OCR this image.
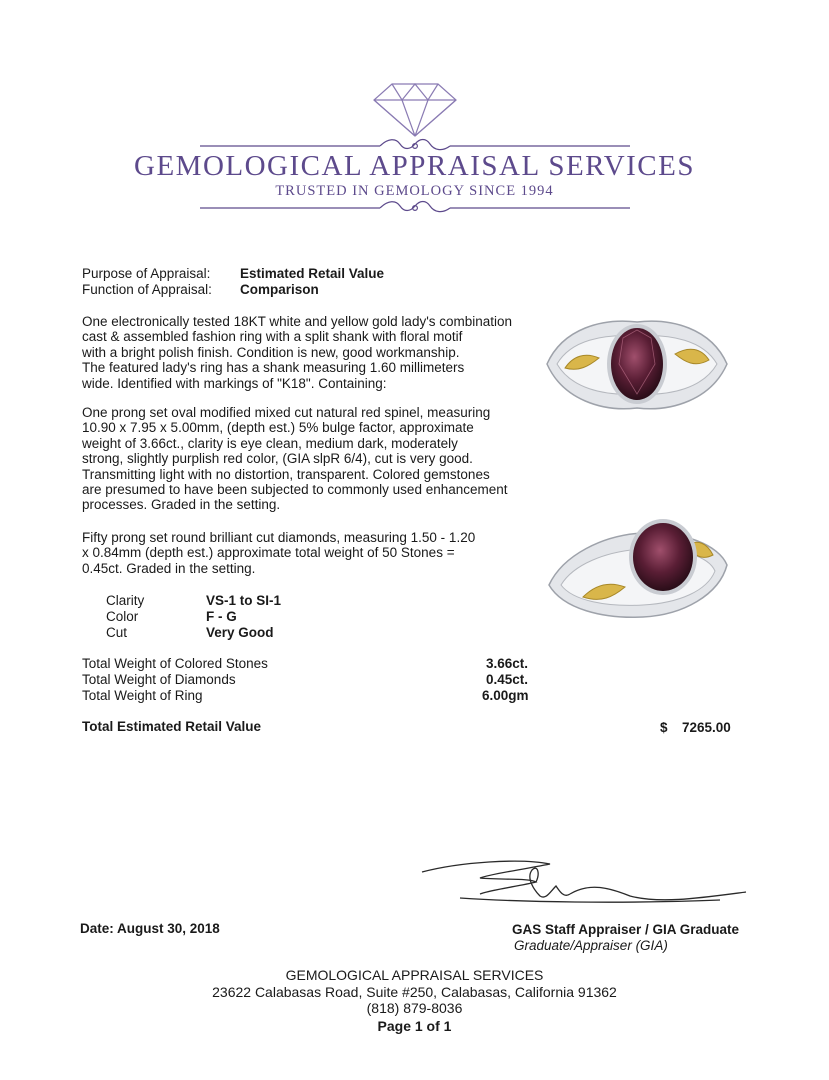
GEMOLOGICAL APPRAISAL SERVICES
TRUSTED IN GEMOLOGY SINCE 1994
Purpose of Appraisal: Estimated Retail Value
Function of Appraisal: Comparison
One electronically tested 18KT white and yellow gold lady's combination
cast & assembled fashion ring with a split shank with floral motif
with a bright polish finish. Condition is new, good workmanship.
The featured lady's ring has a shank measuring 1.60 millimeters
wide. Identified with markings of "K18". Containing:
One prong set oval modified mixed cut natural red spinel, measuring
10.90 x 7.95 x 5.00mm, (depth est.) 5% bulge factor, approximate
weight of 3.66ct., clarity is eye clean, medium dark, moderately
strong, slightly purplish red color, (GIA slpR 6/4), cut is very good.
Transmitting light with no distortion, transparent. Colored gemstones
are presumed to have been subjected to commonly used enhancement
processes. Graded in the setting.
Fifty prong set round brilliant cut diamonds, measuring 1.50 - 1.20
x 0.84mm (depth est.) approximate total weight of 50 Stones =
0.45ct. Graded in the setting.
Clarity	VS-1 to SI-1
Color	F - G
Cut	Very Good
Total Weight of Colored Stones	3.66ct.
Total Weight of Diamonds	0.45ct.
Total Weight of Ring	6.00gm
Total Estimated Retail Value	$ 7265.00
Date: August 30, 2018	GAS Staff Appraiser / GIA Graduate
Graduate/Appraiser (GIA)
GEMOLOGICAL APPRAISAL SERVICES
23622 Calabasas Road, Suite #250, Calabasas, California 91362
(818) 879-8036
Page 1 of 1
